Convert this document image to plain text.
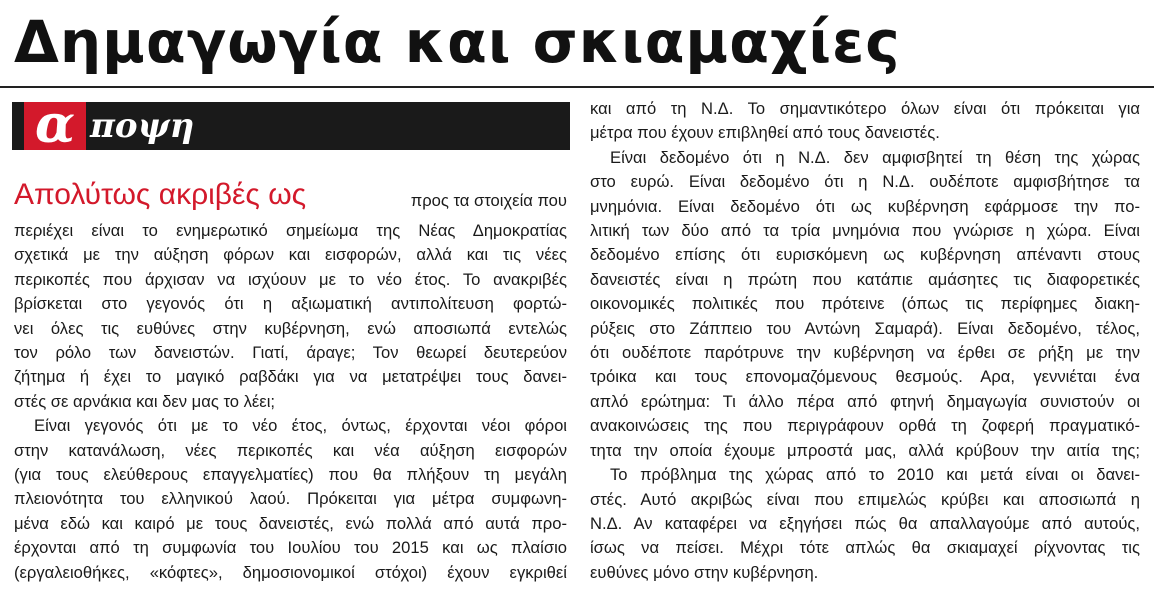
Δημαγωγία και σκιαμαχίες
α ποψη
Απολύτως ακριβές ως	προς τα στοιχεία που
περιέχει είναι το ενημερωτικό σημείωμα της Νέας Δημοκρατίας
σχετικά με την αύξηση φόρων και εισφορών, αλλά και τις νέες
περικοπές που άρχισαν να ισχύουν με το νέο έτος. Το ανακριβές
βρίσκεται στο γεγονός ότι η αξιωματική αντιπολίτευση φορτώ-
νει όλες τις ευθύνες στην κυβέρνηση, ενώ αποσιωπά εντελώς
τον ρόλο των δανειστών. Γιατί, άραγε; Τον θεωρεί δευτερεύον
ζήτημα ή έχει το μαγικό ραβδάκι για να μετατρέψει τους δανει-
στές σε αρνάκια και δεν μας το λέει;
Είναι γεγονός ότι με το νέο έτος, όντως, έρχονται νέοι φόροι
στην κατανάλωση, νέες περικοπές και νέα αύξηση εισφορών
(για τους ελεύθερους επαγγελματίες) που θα πλήξουν τη μεγάλη
πλειονότητα του ελληνικού λαού. Πρόκειται για μέτρα συμφωνη-
μένα εδώ και καιρό με τους δανειστές, ενώ πολλά από αυτά προ-
έρχονται από τη συμφωνία του Ιουλίου του 2015 και ως πλαίσιο
(εργαλειοθήκες, «κόφτες», δημοσιονομικοί στόχοι) έχουν εγκριθεί
και από τη Ν.Δ. Το σημαντικότερο όλων είναι ότι πρόκειται για
μέτρα που έχουν επιβληθεί από τους δανειστές.
Είναι δεδομένο ότι η Ν.Δ. δεν αμφισβητεί τη θέση της χώρας
στο ευρώ. Είναι δεδομένο ότι η Ν.Δ. ουδέποτε αμφισβήτησε τα
μνημόνια. Είναι δεδομένο ότι ως κυβέρνηση εφάρμοσε την πο-
λιτική των δύο από τα τρία μνημόνια που γνώρισε η χώρα. Είναι
δεδομένο επίσης ότι ευρισκόμενη ως κυβέρνηση απέναντι στους
δανειστές είναι η πρώτη που κατάπιε αμάσητες τις διαφορετικές
οικονομικές πολιτικές που πρότεινε (όπως τις περίφημες διακη-
ρύξεις στο Ζάππειο του Αντώνη Σαμαρά). Είναι δεδομένο, τέλος,
ότι ουδέποτε παρότρυνε την κυβέρνηση να έρθει σε ρήξη με την
τρόικα και τους επονομαζόμενους θεσμούς. Αρα, γεννιέται ένα
απλό ερώτημα: Τι άλλο πέρα από φτηνή δημαγωγία συνιστούν οι
ανακοινώσεις της που περιγράφουν ορθά τη ζοφερή πραγματικό-
τητα την οποία έχουμε μπροστά μας, αλλά κρύβουν την αιτία της;
Το πρόβλημα της χώρας από το 2010 και μετά είναι οι δανει-
στές. Αυτό ακριβώς είναι που επιμελώς κρύβει και αποσιωπά η
Ν.Δ. Αν καταφέρει να εξηγήσει πώς θα απαλλαγούμε από αυτούς,
ίσως να πείσει. Μέχρι τότε απλώς θα σκιαμαχεί ρίχνοντας τις
ευθύνες μόνο στην κυβέρνηση.
